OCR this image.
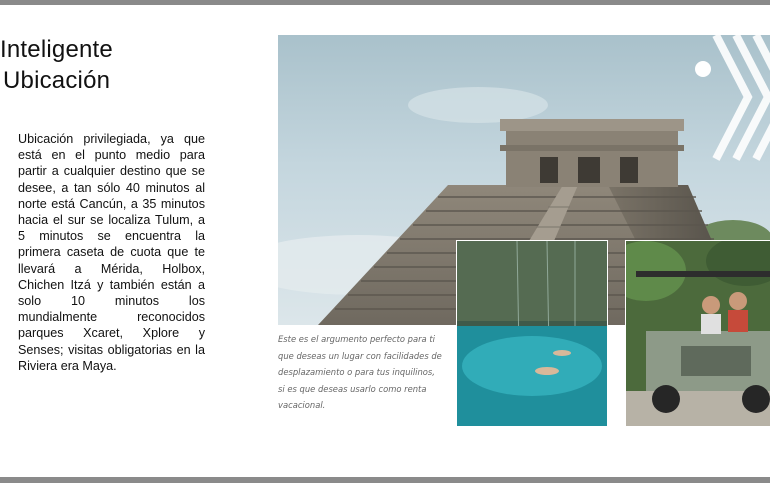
Inteligente
Ubicación

Ubicación privilegiada, ya que está en el punto medio para partir a cualquier destino que se desee, a tan sólo 40 minutos al norte está Cancún, a 35 minutos hacia el sur se localiza Tulum, a 5 minutos se encuentra la primera caseta de cuota que te llevará a Mérida, Holbox, Chichen Itzá y también están a solo 10 minutos los mundialmente reconocidos parques Xcaret, Xplore y Senses; visitas obligatorias en la Riviera era Maya.

Este es el argumento perfecto para ti
que deseas un lugar con facilidades de
desplazamiento o para tus inquilinos,
si es que deseas usarlo como renta
vacacional.
